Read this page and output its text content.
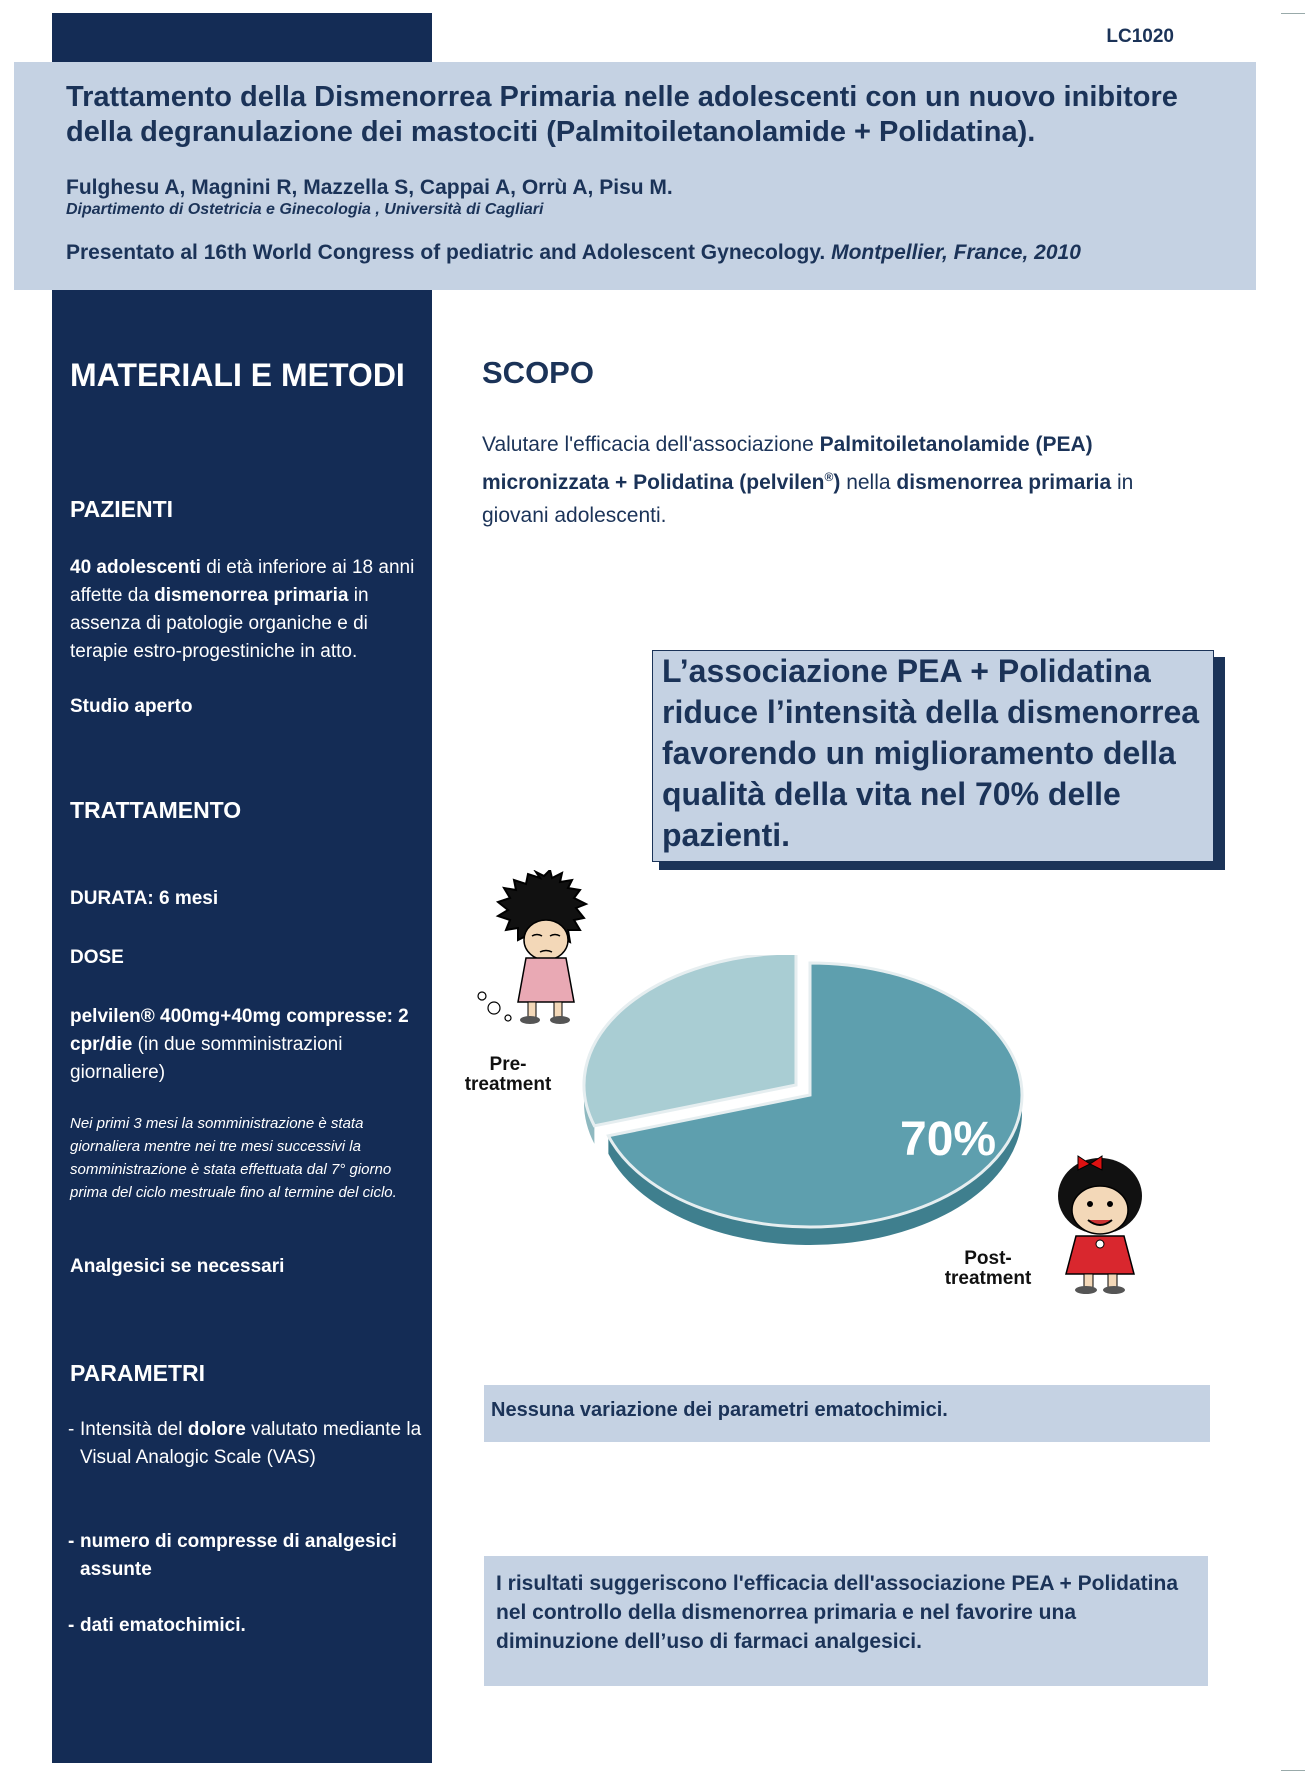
LC1020
Trattamento della Dismenorrea Primaria nelle adolescenti con un nuovo inibitore della degranulazione dei mastociti (Palmitoiletanolamide + Polidatina).
Fulghesu A, Magnini R, Mazzella S, Cappai A, Orrù A, Pisu M.
Dipartimento di Ostetricia e Ginecologia , Università di Cagliari
Presentato al 16th World Congress of pediatric and Adolescent Gynecology. Montpellier, France, 2010
MATERIALI E METODI
PAZIENTI
40 adolescenti di età inferiore ai 18 anni affette da dismenorrea primaria in assenza di patologie organiche e di terapie estro-progestiniche in atto.
Studio aperto
TRATTAMENTO
DURATA: 6 mesi
DOSE
pelvilen® 400mg+40mg compresse: 2 cpr/die (in due somministrazioni giornaliere)
Nei primi 3 mesi la somministrazione è stata giornaliera mentre nei tre mesi successivi la somministrazione è stata effettuata dal 7° giorno prima del ciclo mestruale fino al termine del ciclo.
Analgesici se necessari
PARAMETRI
- Intensità del dolore valutato mediante la Visual Analogic Scale (VAS)
- numero di compresse di analgesici assunte
- dati ematochimici.
SCOPO
Valutare l'efficacia dell'associazione Palmitoiletanolamide (PEA) micronizzata + Polidatina (pelvilen®) nella dismenorrea primaria in giovani adolescenti.
L’associazione PEA + Polidatina riduce l’intensità della dismenorrea favorendo un miglioramento della qualità della vita nel 70% delle pazienti.
70%
Pre-treatment
Post-treatment
Nessuna variazione dei parametri ematochimici.
I risultati suggeriscono l'efficacia dell'associazione PEA + Polidatina nel controllo della dismenorrea primaria e nel favorire una diminuzione dell’uso di farmaci analgesici.
